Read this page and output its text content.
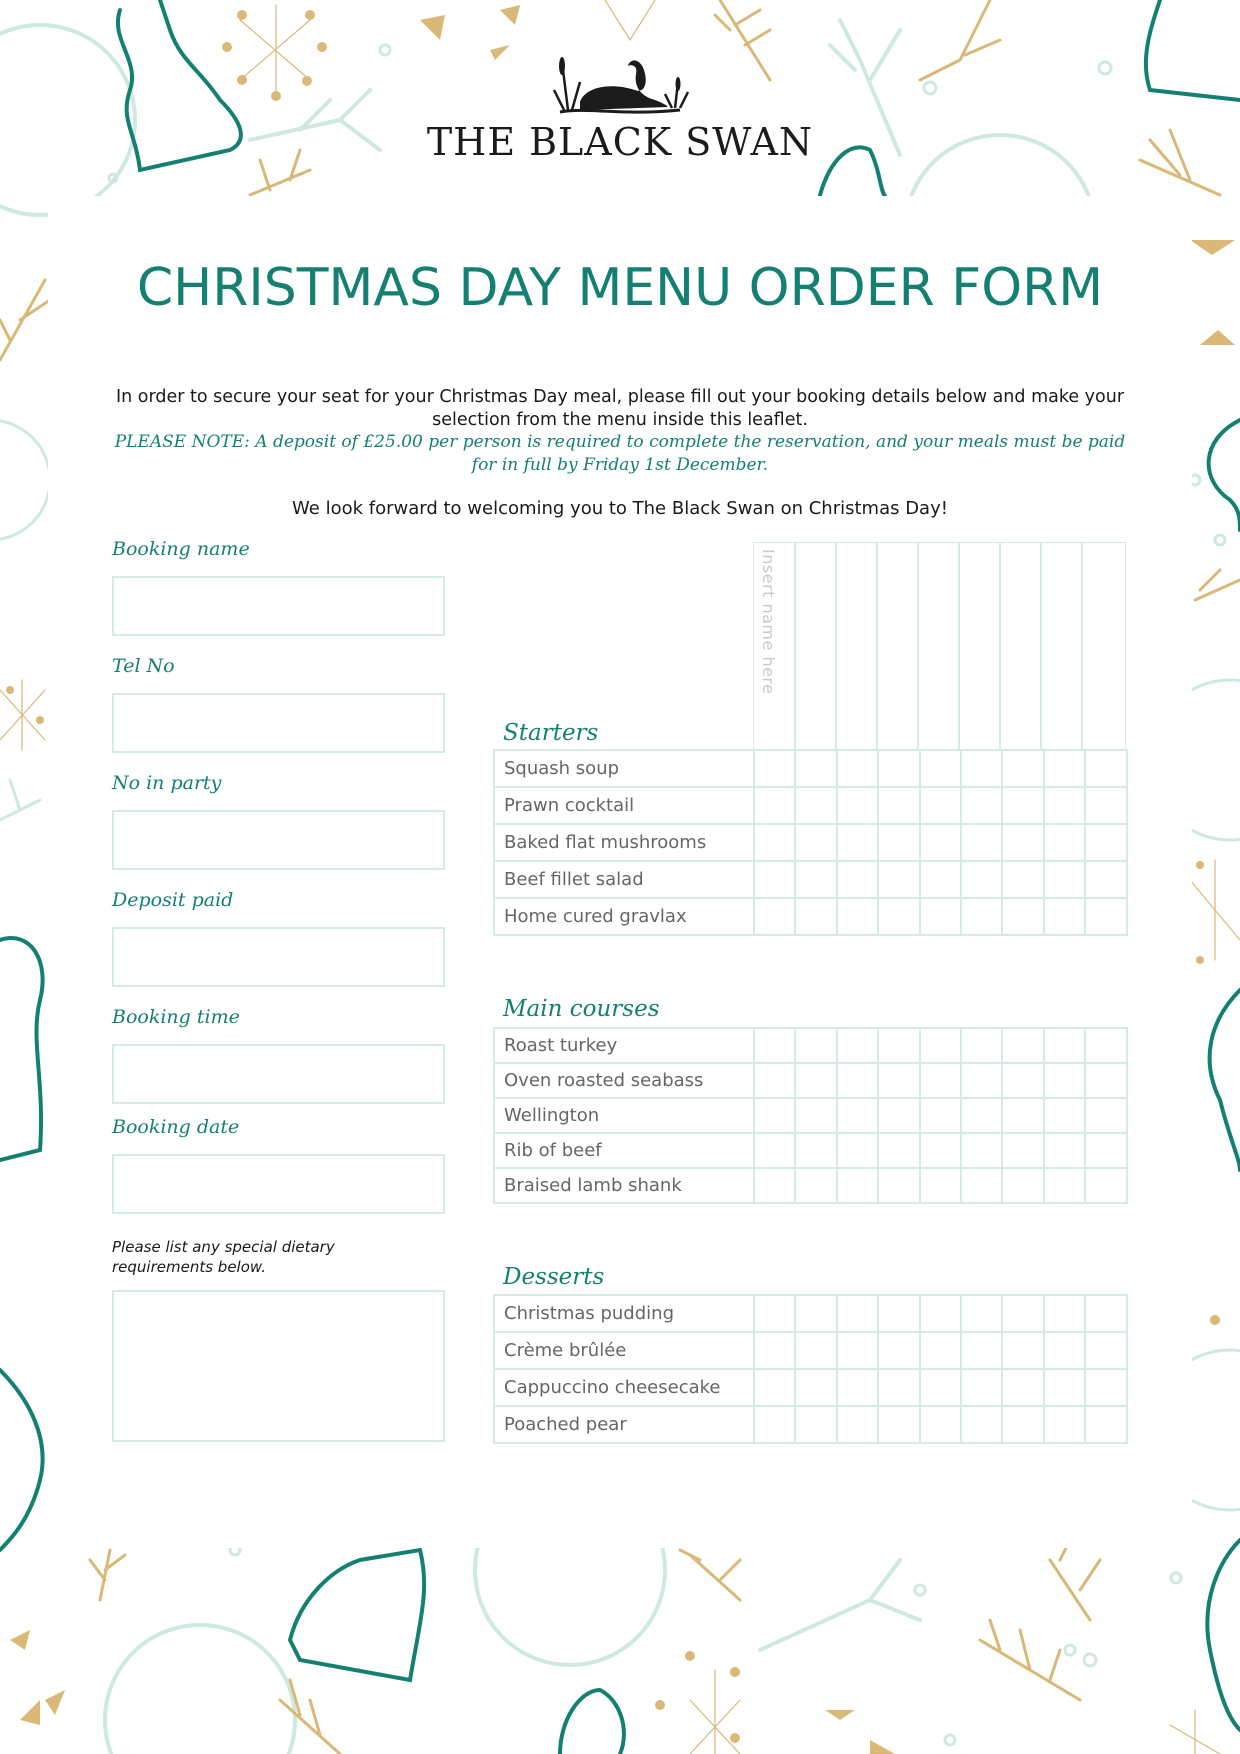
THE BLACK SWAN
CHRISTMAS DAY MENU ORDER FORM
In order to secure your seat for your Christmas Day meal, please fill out your booking details below and make your selection from the menu inside this leaflet.
PLEASE NOTE: A deposit of £25.00 per person is required to complete the reservation, and your meals must be paid for in full by Friday 1st December.
We look forward to welcoming you to The Black Swan on Christmas Day!
Booking name
Tel No
No in party
Deposit paid
Booking time
Booking date
Please list any special dietary requirements below.
Insert name here
Starters
Squash soup									
Prawn cocktail									
Baked flat mushrooms									
Beef fillet salad									
Home cured gravlax									
Main courses
Roast turkey									
Oven roasted seabass									
Wellington									
Rib of beef									
Braised lamb shank									
Desserts
Christmas pudding									
Crème brûlée									
Cappuccino cheesecake									
Poached pear									
